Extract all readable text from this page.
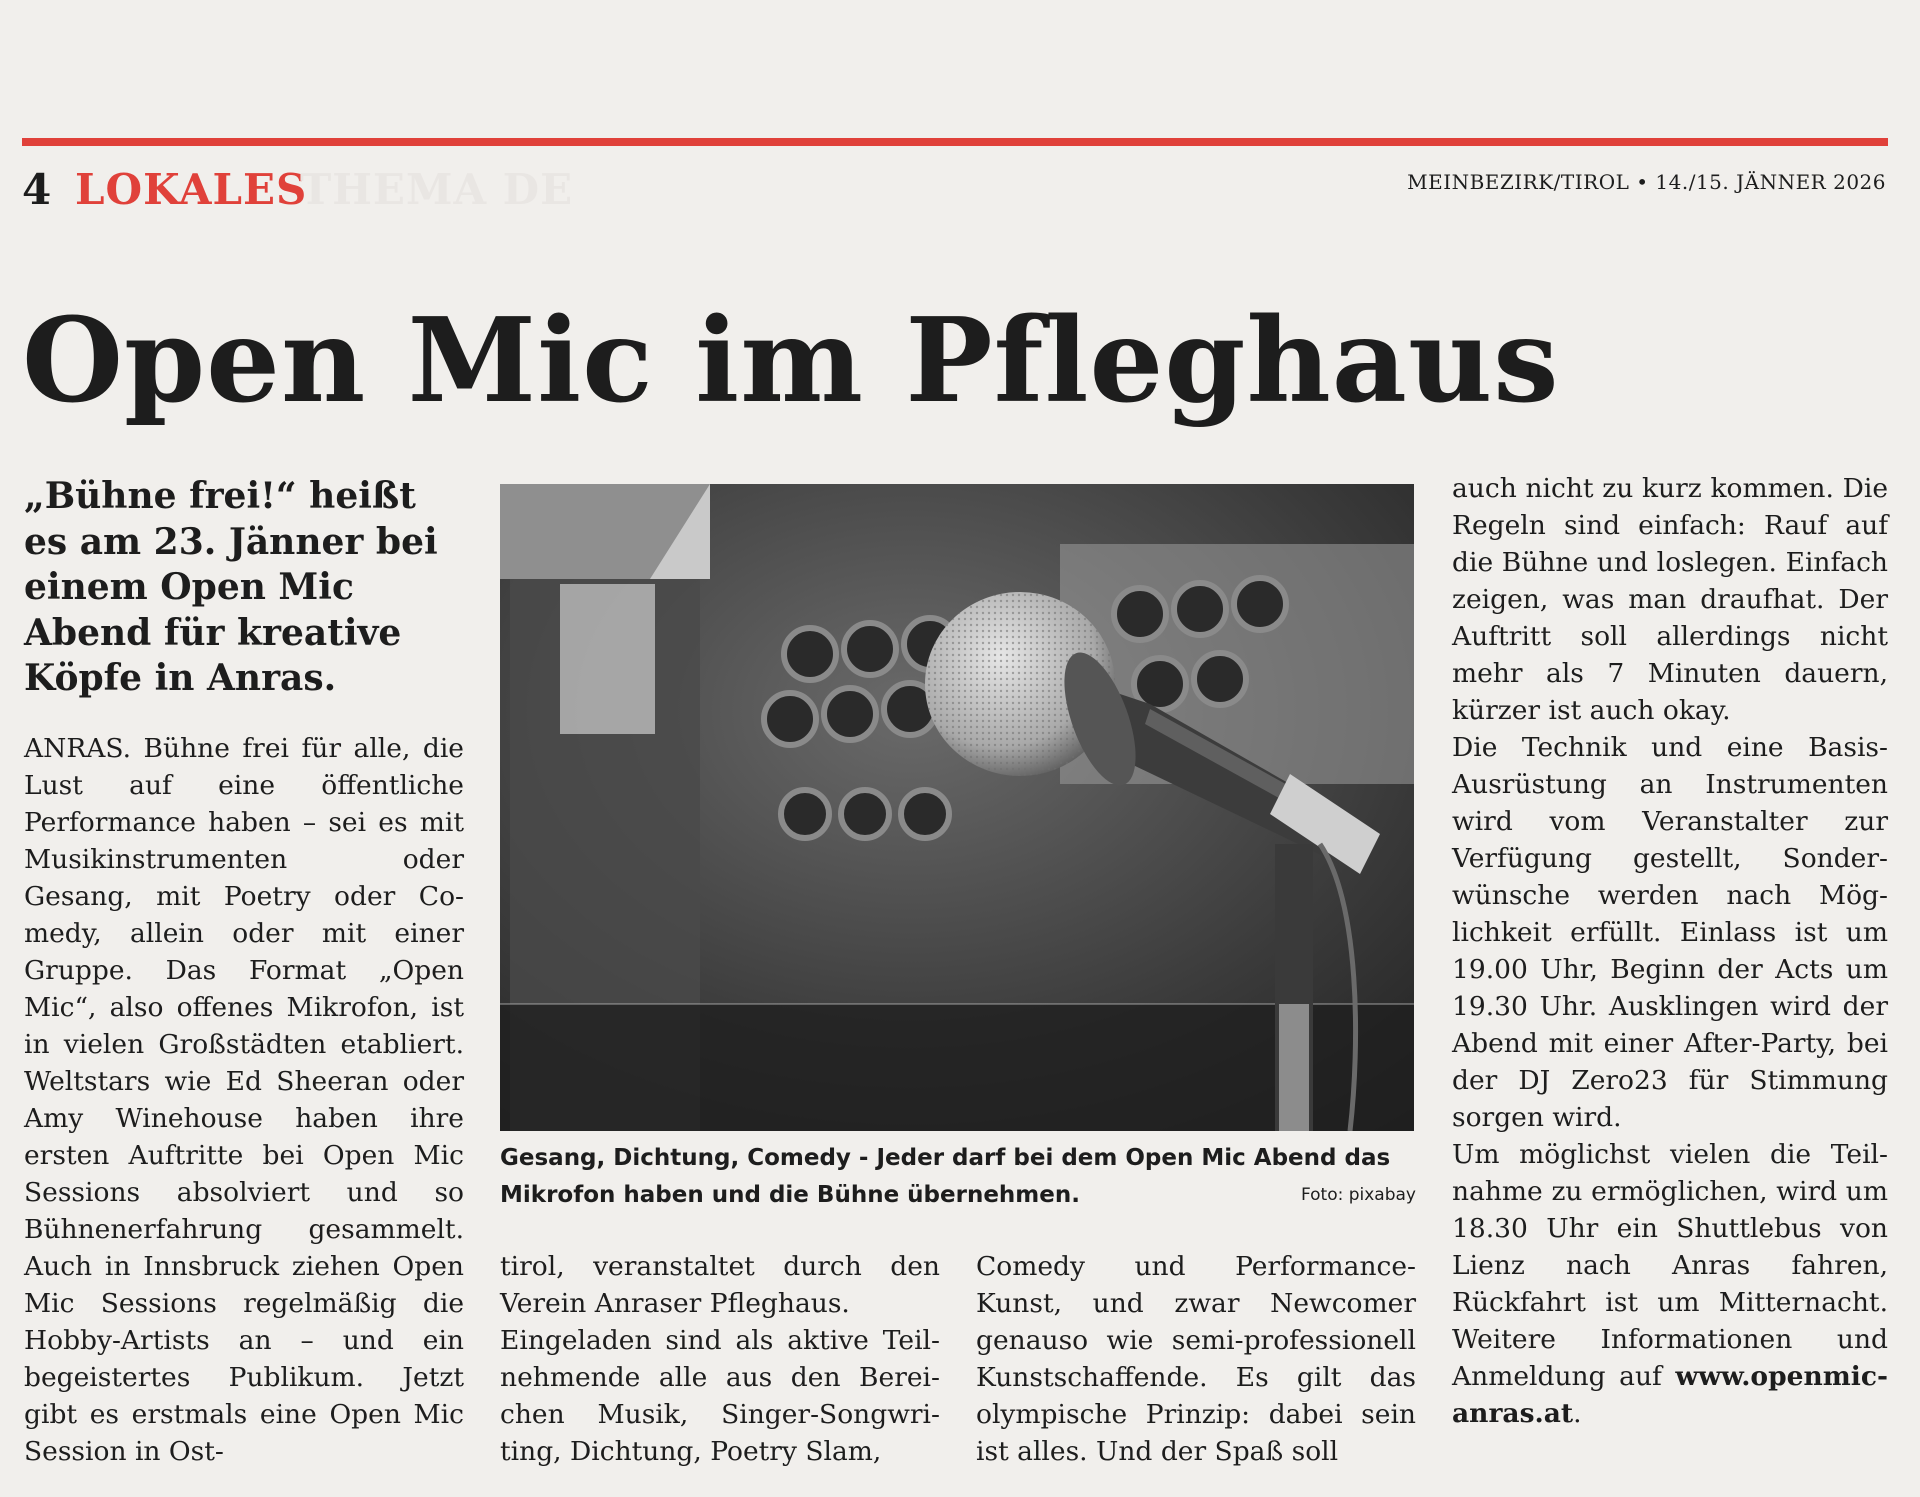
4 LOKALES
THEMA DE	MEINBEZIRK/TIROL • 14./15. JÄNNER 2026
Open Mic im Pfleghaus
„Bühne frei!“ heißt es am 23. Jänner bei einem Open Mic Abend für kreative Köpfe in Anras.

ANRAS. Bühne frei für alle, die Lust auf eine öffentliche Performance haben – sei es mit Musikinstrumenten oder Gesang, mit Poetry oder Comedy, allein oder mit einer Gruppe. Das Format „Open Mic“, also offenes Mikrofon, ist in vielen Großstädten etabliert. Weltstars wie Ed Sheeran oder Amy Winehouse haben ihre ersten Auftritte bei Open Mic Sessions absolviert und so Bühnenerfahrung gesammelt. Auch in Innsbruck ziehen Open Mic Sessions regelmäßig die Hobby-Artists an – und ein begeistertes Publikum. Jetzt gibt es erstmals eine Open Mic Session in Ost-

Gesang, Dichtung, Comedy - Jeder darf bei dem Open Mic Abend das Mikrofon haben und die Bühne übernehmen.	Foto: pixabay

tirol, veranstaltet durch den Verein Anraser Pfleghaus.

Eingeladen sind als aktive Teilnehmende alle aus den Bereichen Musik, Singer-Songwriting, Dichtung, Poetry Slam,

Comedy und Performance-Kunst, und zwar Newcomer genauso wie semi-professionell Kunstschaffende. Es gilt das olympische Prinzip: dabei sein ist alles. Und der Spaß soll

auch nicht zu kurz kommen. Die Regeln sind einfach: Rauf auf die Bühne und loslegen. Einfach zeigen, was man draufhat. Der Auftritt soll allerdings nicht mehr als 7 Minuten dauern, kürzer ist auch okay.

Die Technik und eine Basis-Ausrüstung an Instrumenten wird vom Veranstalter zur Verfügung gestellt, Sonderwünsche werden nach Möglichkeit erfüllt. Einlass ist um 19.00 Uhr, Beginn der Acts um 19.30 Uhr. Ausklingen wird der Abend mit einer After-Party, bei der DJ Zero23 für Stimmung sorgen wird.

Um möglichst vielen die Teilnahme zu ermöglichen, wird um 18.30 Uhr ein Shuttlebus von Lienz nach Anras fahren, Rückfahrt ist um Mitternacht. Weitere Informationen und Anmeldung auf www.openmic-anras.at.
